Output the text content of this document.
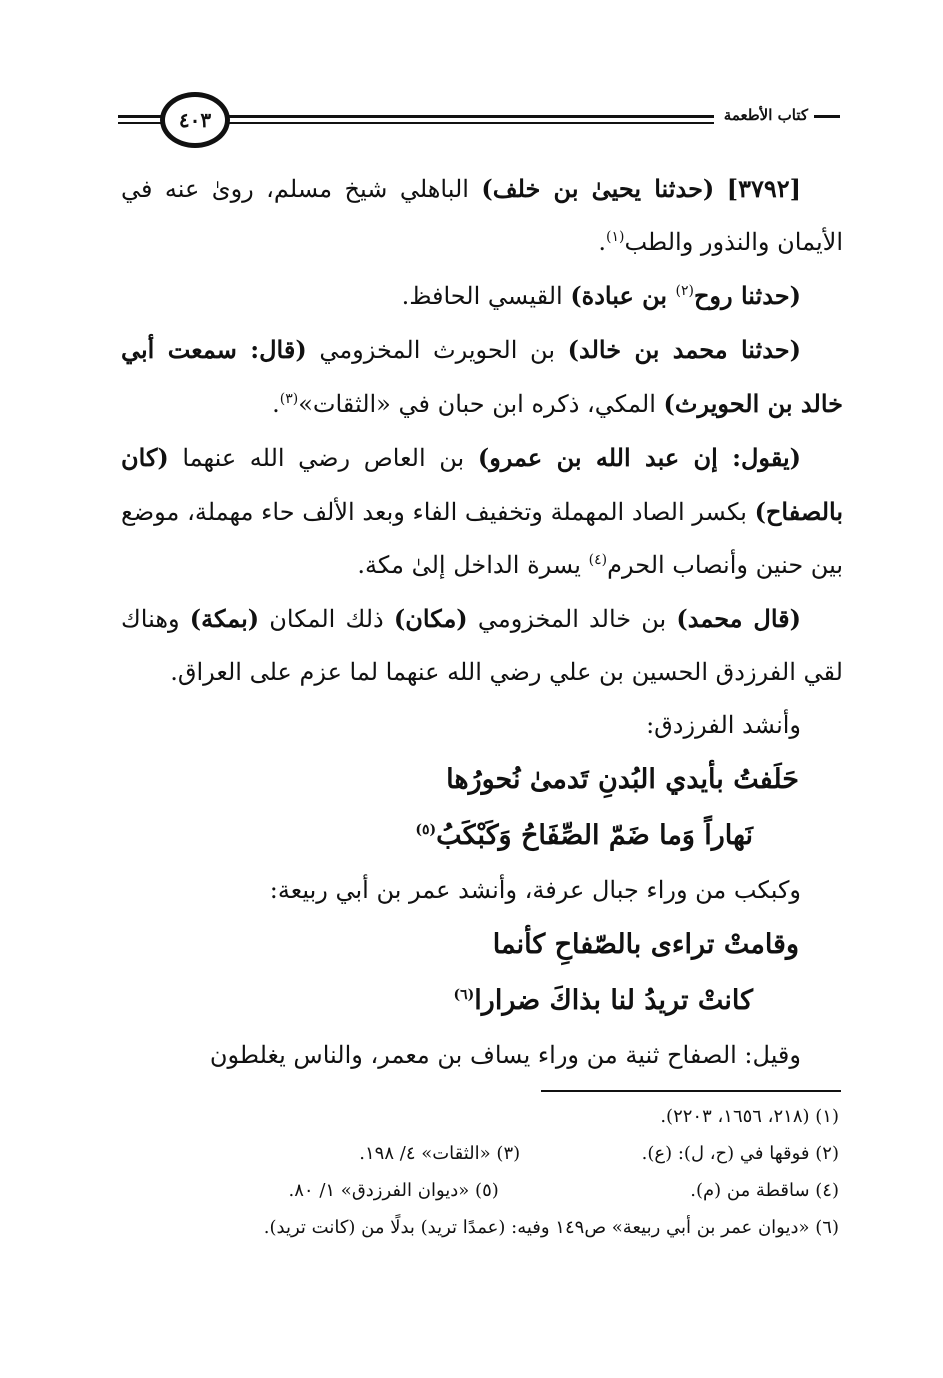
كتاب الأطعمة
٤٠٣

[٣٧٩٢] (حدثنا يحيىٰ بن خلف) الباهلي شيخ مسلم، روىٰ عنه في الأيمان والنذور والطب$^{(١)}$.

(حدثنا روح$^{(٢)}$ بن عبادة) القيسي الحافظ.

(حدثنا محمد بن خالد) بن الحويرث المخزومي (قال: سمعت أبي خالد بن الحويرث) المكي، ذكره ابن حبان في «الثقات»$^{(٣)}$.

(يقول: إن عبد الله بن عمرو) بن العاص رضي الله عنهما (كان بالصفاح) بكسر الصاد المهملة وتخفيف الفاء وبعد الألف حاء مهملة، موضع بين حنين وأنصاب الحرم$^{(٤)}$ يسرة الداخل إلىٰ مكة.

(قال محمد) بن خالد المخزومي (مكان) ذلك المكان (بمكة) وهناك لقي الفرزدق الحسين بن علي رضي الله عنهما لما عزم على العراق.

وأنشد الفرزدق:

حَلَفتُ بأيدي البُدنِ تَدمىٰ نُحورُها

نَهاراً وَما ضَمّ الصِّفَاحُ وَكَبْكَبُ$^{(٥)}$

وكبكب من وراء جبال عرفة، وأنشد عمر بن أبي ربيعة:

وقامتْ تراءى بالصّفاحِ كأنما

كانتْ تريدُ لنا بذاكَ ضرارا$^{(٦)}$

وقيل: الصفاح ثنية من وراء يساف بن معمر، والناس يغلطون

(١) (٢١٨، ١٦٥٦، ٢٢٠٣).
(٢) فوقها في (ح، ل): (ع).  (٣) «الثقات» ٤/ ١٩٨.
(٤) ساقطة من (م).  (٥) «ديوان الفرزدق» ١/ ٨٠.
(٦) «ديوان عمر بن أبي ربيعة» ص١٤٩ وفيه: (عمدًا تريد) بدلًا من (كانت تريد).
